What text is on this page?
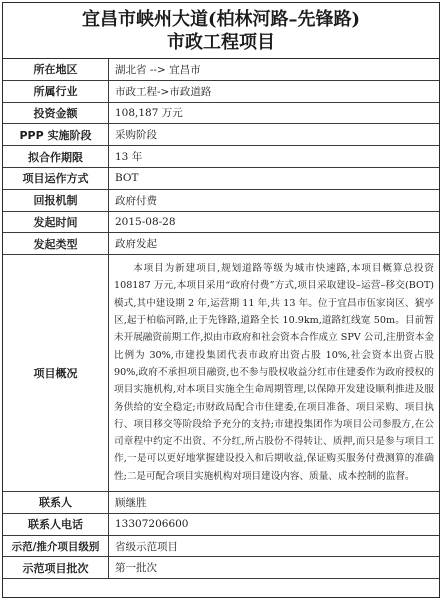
宜昌市峡州大道(柏林河路–先锋路)
市政工程项目
所在地区	湖北省 --> 宜昌市
所属行业	市政工程->市政道路
投资金额	108,187 万元
PPP 实施阶段	采购阶段
拟合作期限	13 年
项目运作方式	BOT
回报机制	政府付费
发起时间	2015-08-28
发起类型	政府发起
项目概况	本项目为新建项目,规划道路等级为城市快速路,本项目概算总投资 108187 万元,本项目采用“政府付费”方式,项目采取建设–运营–移交(BOT)模式,其中建设期 2 年,运营期 11 年,共 13 年。位于宜昌市伍家岗区、猇亭区,起于柏临河路,止于先锋路,道路全长 10.9km,道路红线宽 50m。目前暂未开展融资前期工作,拟由市政府和社会资本合作成立 SPV 公司,注册资本金比例为 30%,市建投集团代表市政府出资占股 10%,社会资本出资占股 90%,政府不承担项目融资,也不参与股权收益分红市住建委作为政府授权的项目实施机构,对本项目实施全生命周期管理,以保障开发建设顺利推进及服务供给的安全稳定;市财政局配合市住建委,在项目准备、项目采购、项目执行、项目移交等阶段给予充分的支持;市建投集团作为项目公司参股方,在公司章程中约定不出资、不分红,所占股份不得转让、质押,而只是参与项目工作,一是可以更好地掌握建设投入和后期收益,保证购买服务付费测算的准确性;二是可配合项目实施机构对项目建设内容、质量、成本控制的监督。
联系人	顾继胜
联系人电话	13307206600
示范/推介项目级别	省级示范项目
示范项目批次	第一批次
